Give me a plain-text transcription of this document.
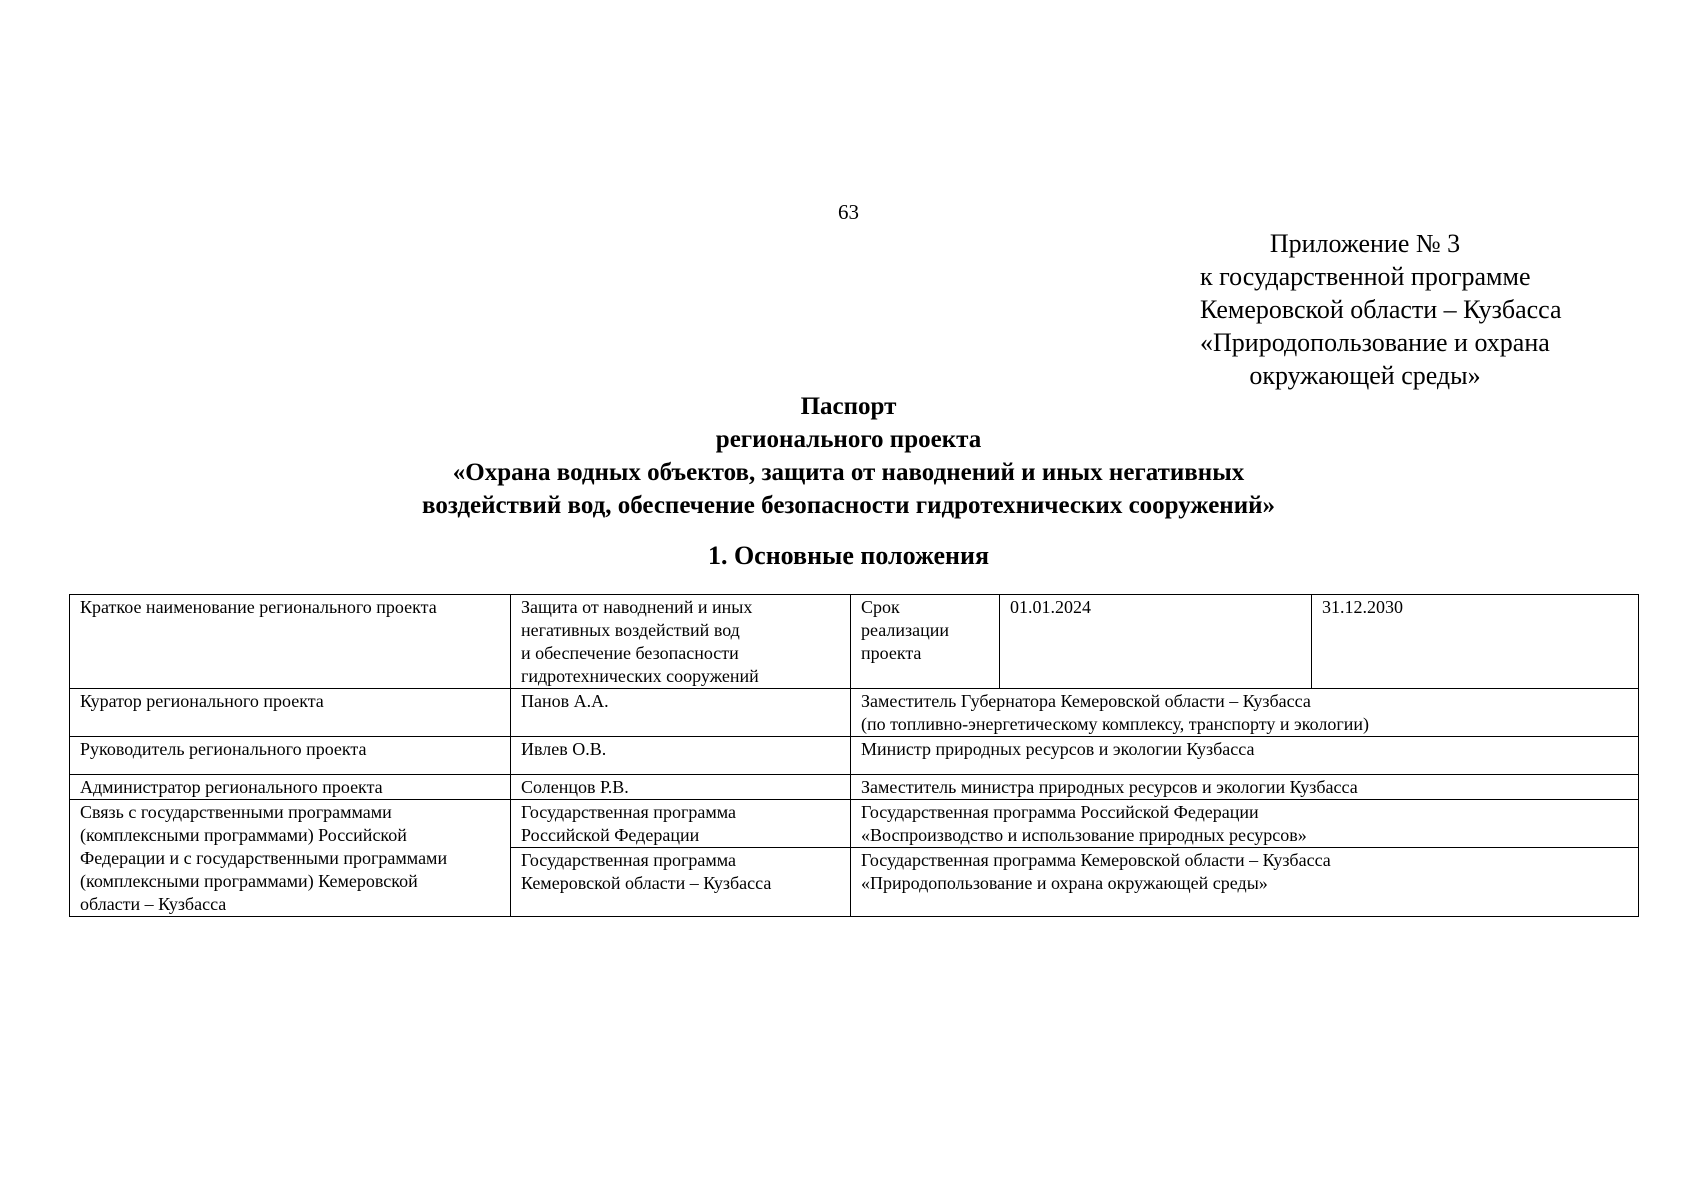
63
Приложение № 3
к государственной программе
Кемеровской области – Кузбасса
«Природопользование и охрана
окружающей среды»
Паспорт
регионального проекта
«Охрана водных объектов, защита от наводнений и иных негативных
воздействий вод, обеспечение безопасности гидротехнических сооружений»
1. Основные положения
Краткое наименование регионального проекта	Защита от наводнений и иных
негативных воздействий вод
и обеспечение безопасности
гидротехнических сооружений	Срок
реализации
проекта	01.01.2024	31.12.2030
Куратор регионального проекта	Панов А.А.	Заместитель Губернатора Кемеровской области – Кузбасса
(по топливно-энергетическому комплексу, транспорту и экологии)		

Руководитель регионального проекта	Ивлев О.В.	Министр природных ресурсов и экологии Кузбасса		
Администратор регионального проекта	Соленцов Р.В.	Заместитель министра природных ресурсов и экологии Кузбасса		

Связь с государственными программами
(комплексными программами) Российской
Федерации и с государственными программами
(комплексными программами) Кемеровской
области – Кузбасса	Государственная программа
Российской Федерации	Государственная программа Российской Федерации
«Воспроизводство и использование природных ресурсов»		

	Государственная программа
Кемеровской области – Кузбасса	Государственная программа Кемеровской области – Кузбасса
«Природопользование и охрана окружающей среды»		
